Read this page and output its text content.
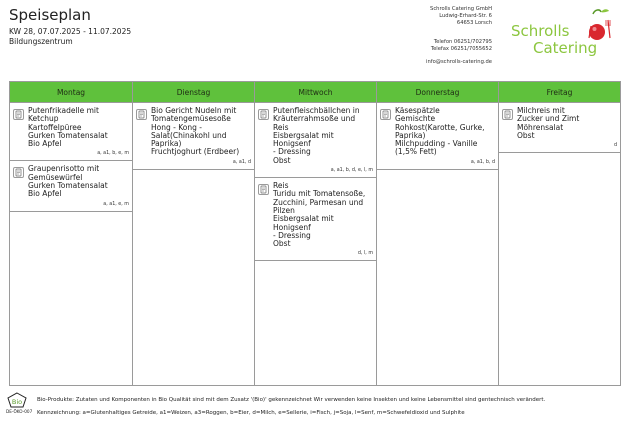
Speiseplan
KW 28, 07.07.2025 - 11.07.2025
Bildungszentrum
Schrolls Catering GmbH
Ludwig-Erhard-Str. 6
64653 Lorsch
Telefon 06251/702795
Telefax 06251/7055652
info@schrolls-catering.de
Schrolls
Catering
Montag
Putenfrikadelle mit
Ketchup
Kartoffelpüree
Gurken Tomatensalat
Bio Apfel
a, a1, b, e, m
Graupenrisotto mit
Gemüsewürfel
Gurken Tomatensalat
Bio Apfel
a, a1, e, m
Dienstag
Bio Gericht Nudeln mit
Tomatengemüsesoße
Hong - Kong -
Salat(Chinakohl und
Paprika)
Fruchtjoghurt (Erdbeer)
a, a1, d
Mittwoch
Putenfleischbällchen in
Kräuterrahmsoße und
Reis
Eisbergsalat mit Honigsenf
- Dressing
Obst
a, a1, b, d, e, l, m
Reis
Turidu mit Tomatensoße,
Zucchini, Parmesan und
Pilzen
Eisbergsalat mit Honigsenf
- Dressing
Obst
d, l, m
Donnerstag
Käsespätzle
Gemischte
Rohkost(Karotte, Gurke,
Paprika)
Milchpudding - Vanille
(1,5% Fett)
a, a1, b, d
Freitag
Milchreis mit
Zucker und Zimt
Möhrensalat
Obst
d
Bio
DE-ÖKO-007
Bio-Produkte: Zutaten und Komponenten in Bio Qualität sind mit dem Zusatz '(Bio)' gekennzeichnet Wir verwenden keine Insekten und keine Lebensmittel sind gentechnisch verändert.
Kennzeichnung: a=Glutenhaltiges Getreide, a1=Weizen, a3=Roggen, b=Eier, d=Milch, e=Sellerie, i=Fisch, j=Soja, l=Senf, m=Schwefeldioxid und Sulphite
